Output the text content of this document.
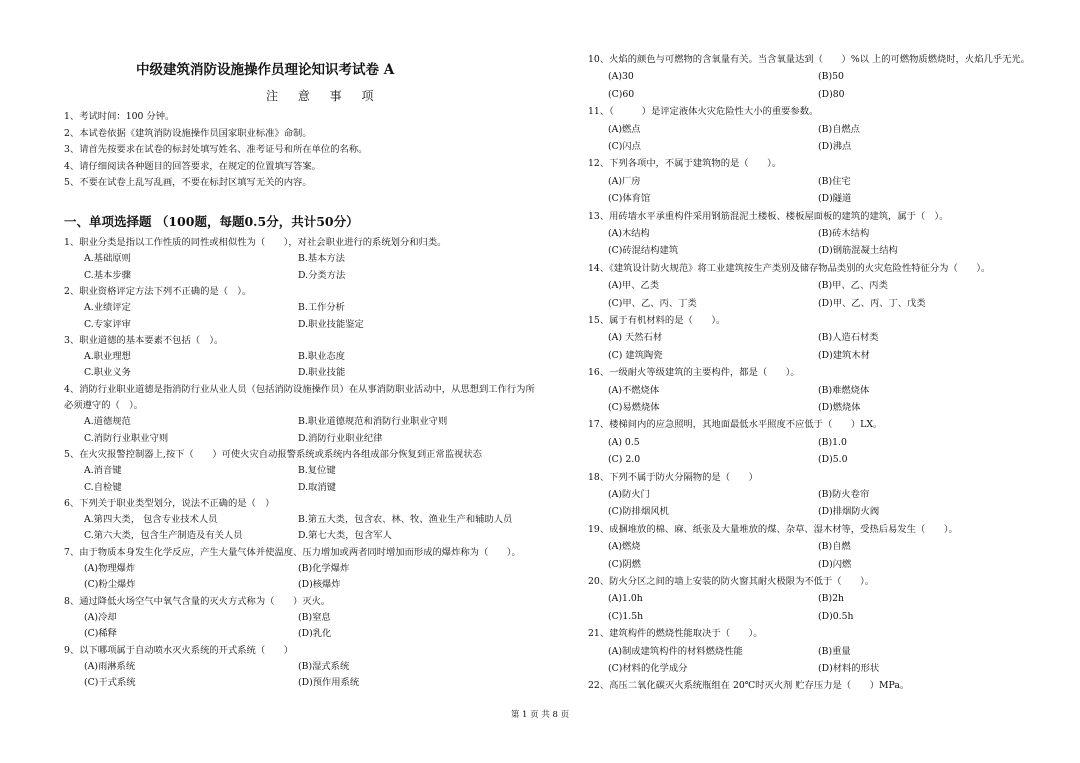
中级建筑消防设施操作员理论知识考试卷 A
注 意 事 项
1、考试时间：100 分钟。
2、本试卷依据《建筑消防设施操作员国家职业标准》命制。
3、请首先按要求在试卷的标封处填写姓名、准考证号和所在单位的名称。
4、请仔细阅读各种题目的回答要求，在规定的位置填写答案。
5、不要在试卷上乱写乱画，不要在标封区填写无关的内容。
一、单项选择题 （100题，每题0.5分，共计50分）
1、职业分类是指以工作性质的同性或相似性为（　　），对社会职业进行的系统划分和归类。
A.基础原则	B.基本方法
C.基本步骤	D.分类方法
2、职业资格评定方法下列不正确的是（　）。
A.业绩评定	B.工作分析
C.专家评审	D.职业技能鉴定
3、职业道德的基本要素不包括（　）。
A.职业理想	B.职业态度
C.职业义务	D.职业技能
4、消防行业职业道德是指消防行业从业人员（包括消防设施操作员）在从事消防职业活动中，从思想到工作行为所
必须遵守的（　）。
A.道德规范	B.职业道德规范和消防行业职业守则
C.消防行业职业守则	D.消防行业职业纪律
5、在火灾报警控制器上,按下（　　）可使火灾自动报警系统或系统内各组成部分恢复到正常监视状态
A.消音键	B.复位键
C.自检键	D.取消键
6、下列关于职业类型划分，说法不正确的是（　）
A.第四大类， 包含专业技术人员	B.第五大类，包含农、林、牧、渔业生产和辅助人员
C.第六大类，包含生产制造及有关人员	D.第七大类，包含军人
7、由于物质本身发生化学反应，产生大量气体并使温度、压力增加或两者同时增加而形成的爆炸称为（　　）。
(A)物理爆炸	(B)化学爆炸
(C)粉尘爆炸	(D)核爆炸
8、通过降低火场空气中氧气含量的灭火方式称为（　　）灭火。
(A)冷却	(B)窒息
(C)稀释	(D)乳化
9、以下哪项属于自动喷水灭火系统的开式系统（　　）
(A)雨淋系统	(B)湿式系统
(C)干式系统	(D)预作用系统
10、火焰的颜色与可燃物的含氧量有关。当含氧量达到（　　）%以 上的可燃物质燃烧时，火焰几乎无光。
(A)30	(B)50
(C)60	(D)80
11、（　　　）是评定液体火灾危险性大小的重要参数。
(A)燃点	(B)自燃点
(C)闪点	(D)沸点
12、下列各项中，不属于建筑物的是（　　）。
(A)厂房	(B)住宅
(C)体育馆	(D)隧道
13、用砖墙水平承重构件采用钢筋混泥土楼板、楼板屋面板的建筑的建筑，属于（　）。
(A)木结构	(B)砖木结构
(C)砖混结构建筑	(D)钢筋混凝土结构
14、《建筑设计防火规范》将工业建筑按生产类别及储存物品类别的火灾危险性特征分为（　　）。
(A)甲、乙类	(B)甲、乙、丙类
(C)甲、乙、丙、丁类	(D)甲、乙、丙、丁、戊类
15、属于有机材料的是（　　）。
(A) 天然石材	(B)人造石材类
(C) 建筑陶瓷	(D)建筑木材
16、一级耐火等级建筑的主要构件，都是（　　）。
(A)不燃烧体	(B)难燃烧体
(C)易燃烧体	(D)燃烧体
17、楼梯间内的应急照明，其地面最低水平照度不应低于（　　）LX。
(A) 0.5	(B)1.0
(C) 2.0	(D)5.0
18、下列不属于防火分隔物的是（　　）
(A)防火门	(B)防火卷帘
(C)防排烟风机	(D)排烟防火阀
19、成捆堆放的棉、麻、纸张及大量堆放的煤、杂草、湿木材等，受热后易发生（　　）。
(A)燃烧	(B)自燃
(C)阴燃	(D)闪燃
20、防火分区之间的墙上安装的防火窗其耐火极限为不低于（　　）。
(A)1.0h	(B)2h
(C)1.5h	(D)0.5h
21、建筑构件的燃烧性能取决于（　　）。
(A)制成建筑构件的材料燃烧性能	(B)重量
(C)材料的化学成分	(D)材料的形状
22、高压二氧化碳灭火系统瓶组在 20℃时灭火剂 贮存压力是（　　）MPa。
第 1 页 共 8 页
